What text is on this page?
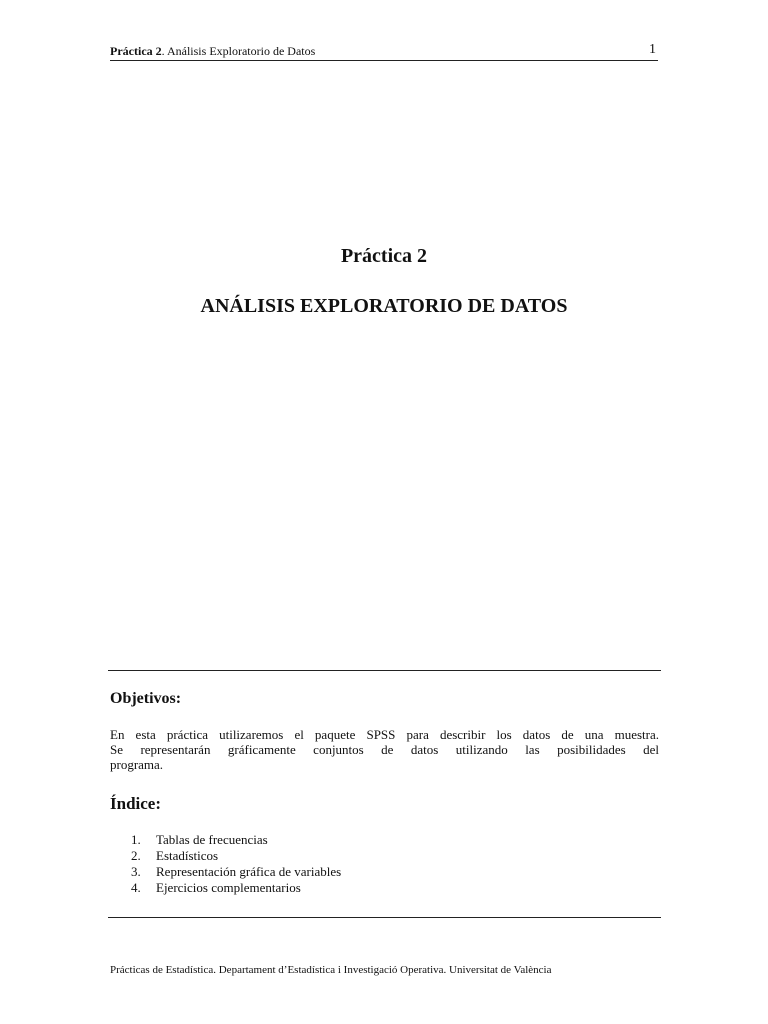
Práctica 2. Análisis Exploratorio de Datos	1
Práctica 2
ANÁLISIS EXPLORATORIO DE DATOS
Objetivos:
En esta práctica utilizaremos el paquete SPSS para describir los datos de una muestra.
Se representarán gráficamente conjuntos de datos utilizando las posibilidades del
programa.
Índice:
1.	Tablas de frecuencias
2.	Estadísticos
3.	Representación gráfica de variables
4.	Ejercicios complementarios
Prácticas de Estadística. Departament d’Estadística i Investigació Operativa. Universitat de València
